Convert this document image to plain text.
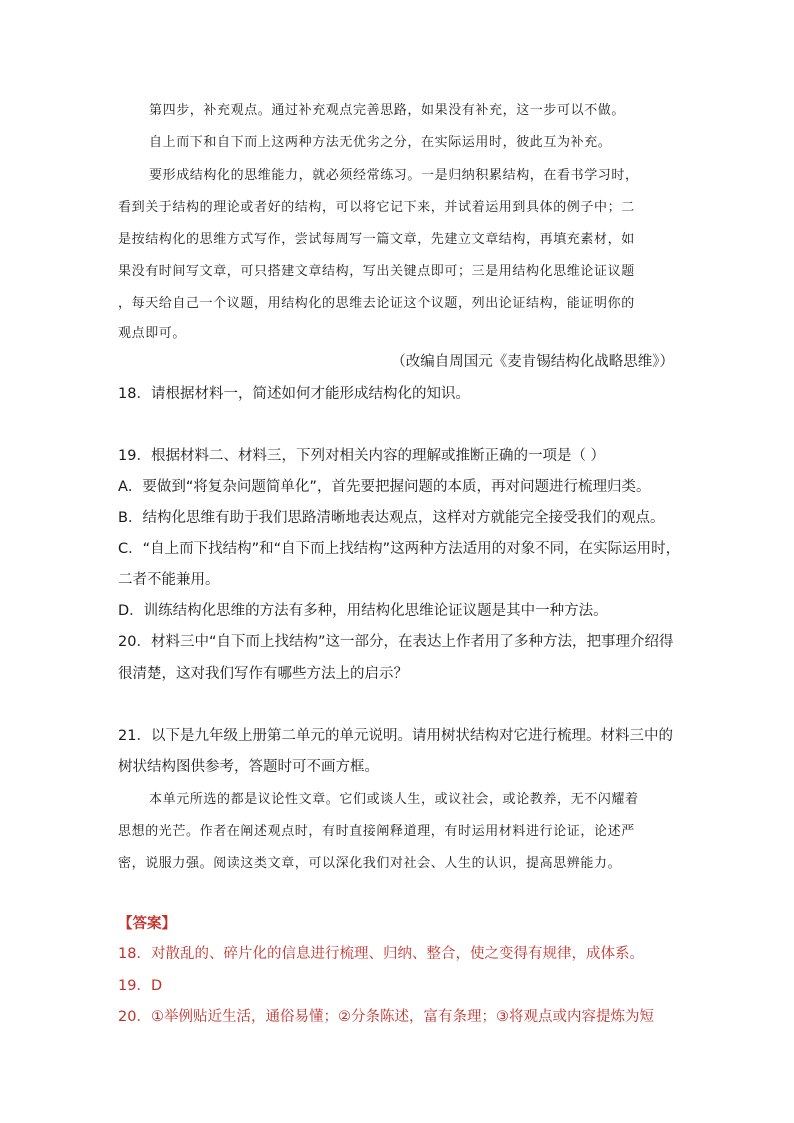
第四步，补充观点。通过补充观点完善思路，如果没有补充，这一步可以不做。
自上而下和自下而上这两种方法无优劣之分，在实际运用时，彼此互为补充。
要形成结构化的思维能力，就必须经常练习。一是归纳积累结构，在看书学习时，
看到关于结构的理论或者好的结构，可以将它记下来，并试着运用到具体的例子中；二
是按结构化的思维方式写作，尝试每周写一篇文章，先建立文章结构，再填充素材，如
果没有时间写文章，可只搭建文章结构，写出关键点即可；三是用结构化思维论证议题
，每天给自己一个议题，用结构化的思维去论证这个议题，列出论证结构，能证明你的
观点即可。
（改编自周国元《麦肯锡结构化战略思维》）
18．请根据材料一，简述如何才能形成结构化的知识。
19．根据材料二、材料三，下列对相关内容的理解或推断正确的一项是（ ）
A．要做到“将复杂问题简单化”，首先要把握问题的本质，再对问题进行梳理归类。
B．结构化思维有助于我们思路清晰地表达观点，这样对方就能完全接受我们的观点。
C．“自上而下找结构”和“自下而上找结构”这两种方法适用的对象不同，在实际运用时，
二者不能兼用。
D．训练结构化思维的方法有多种，用结构化思维论证议题是其中一种方法。
20．材料三中“自下而上找结构”这一部分，在表达上作者用了多种方法，把事理介绍得
很清楚，这对我们写作有哪些方法上的启示？
21．以下是九年级上册第二单元的单元说明。请用树状结构对它进行梳理。材料三中的
树状结构图供参考，答题时可不画方框。
本单元所选的都是议论性文章。它们或谈人生，或议社会，或论教养，无不闪耀着
思想的光芒。作者在阐述观点时，有时直接阐释道理，有时运用材料进行论证，论述严
密，说服力强。阅读这类文章，可以深化我们对社会、人生的认识，提高思辨能力。
【答案】
18．对散乱的、碎片化的信息进行梳理、归纳、整合，使之变得有规律，成体系。
19．D
20．①举例贴近生活，通俗易懂；②分条陈述，富有条理；③将观点或内容提炼为短
